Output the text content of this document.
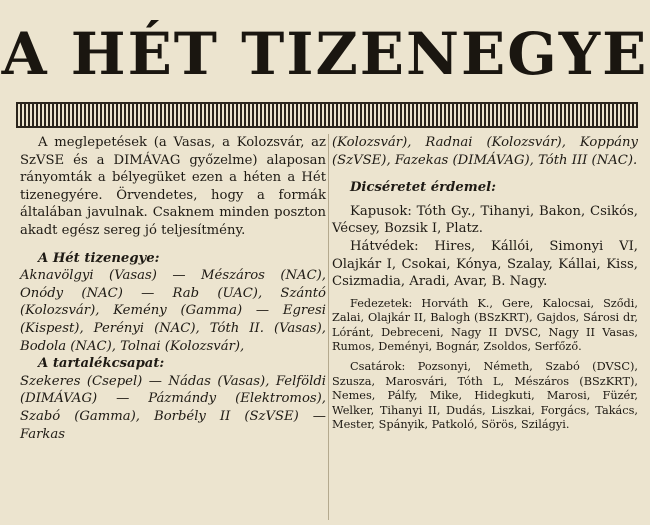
A HÉT TIZENEGYE

A meglepetések (a Vasas, a Kolozsvár, az SzVSE és a DIMÁVAG győzelme) alaposan rányomták a bélyegüket ezen a héten a Hét tizenegyére. Örvendetes, hogy a formák általában javulnak. Csaknem minden poszton akadt egész sereg jó teljesítmény.

A Hét tizenegye:

Aknavölgyi (Vasas) — Mészáros (NAC), Onódy (NAC) — Rab (UAC), Szántó (Kolozsvár), Kemény (Gamma) — Egresi (Kispest), Perényi (NAC), Tóth II. (Vasas), Bodola (NAC), Tolnai (Kolozsvár),

A tartalékcsapat:

Szekeres (Csepel) — Nádas (Vasas), Felföldi (DIMÁVAG) — Pázmándy (Elektromos), Szabó (Gamma), Borbély II (SzVSE) — Farkas

(Kolozsvár), Radnai (Kolozsvár), Koppány (SzVSE), Fazekas (DIMÁVAG), Tóth III (NAC).

Dicséretet érdemel:

Kapusok: Tóth Gy., Tihanyi, Bakon, Csikós, Vécsey, Bozsik I, Platz.

Hátvédek: Hires, Kállói, Simonyi VI, Olajkár I, Csokai, Kónya, Szalay, Kállai, Kiss, Csizmadia, Aradi, Avar, B. Nagy.

Fedezetek: Horváth K., Gere, Kalocsai, Sződi, Zalai, Olajkár II, Balogh (BSzKRT), Gajdos, Sárosi dr, Lóránt, Debreceni, Nagy II DVSC, Nagy II Vasas, Rumos, Deményi, Bognár, Zsoldos, Serfőző.

Csatárok: Pozsonyi, Németh, Szabó (DVSC), Szusza, Marosvári, Tóth L, Mészáros (BSzKRT), Nemes, Pálfy, Mike, Hidegkuti, Marosi, Füzér, Welker, Tihanyi II, Dudás, Liszkai, Forgács, Takács, Mester, Spányik, Patkoló, Sörös, Szilágyi.
